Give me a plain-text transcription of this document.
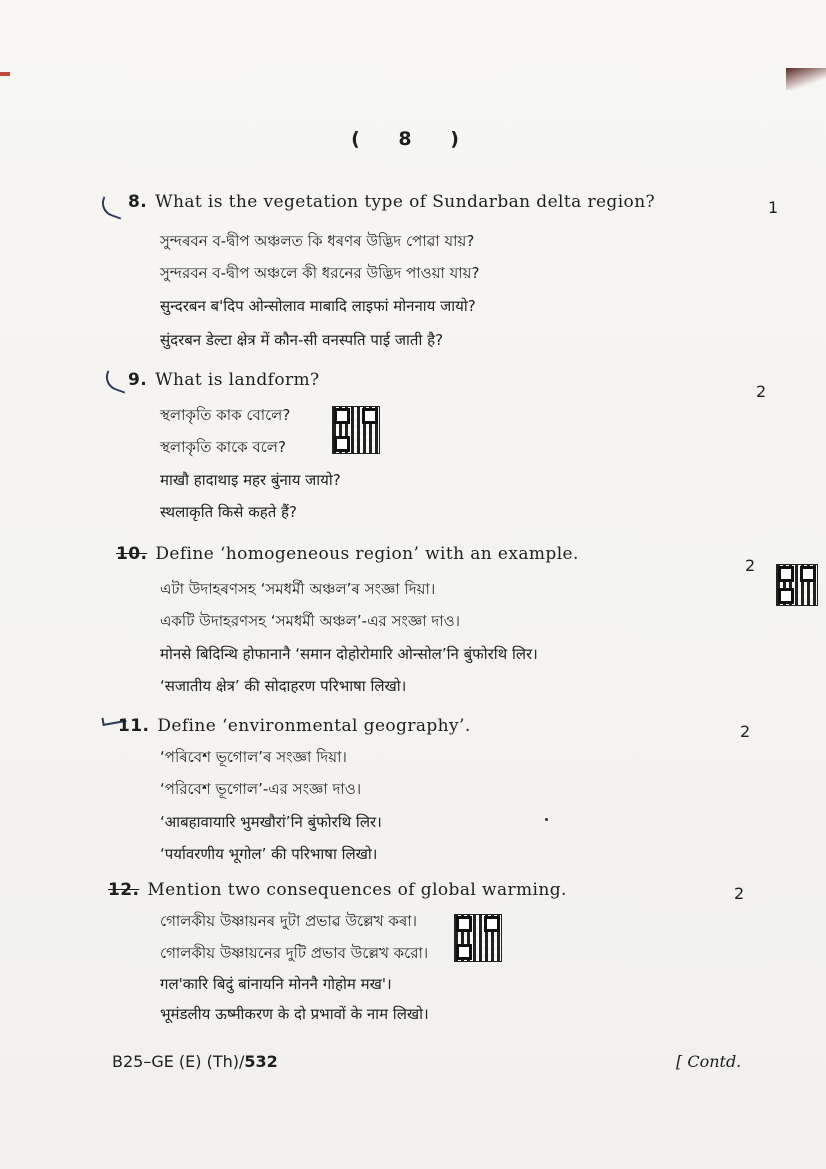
( 8 )
8. What is the vegetation type of Sundarban delta region?	1
সুন্দৰবন ব-দ্বীপ অঞ্চলত কি ধৰণৰ উদ্ভিদ পোৱা যায়?
সুন্দরবন ব-দ্বীপ অঞ্চলে কী ধরনের উদ্ভিদ পাওয়া যায়?
सुन्दरबन ब'दिप ओन्सोलाव माबादि लाइफां मोननाय जायो?
सुंदरबन डेल्टा क्षेत्र में कौन-सी वनस्पति पाई जाती है?
9. What is landform?
2
স্থলাকৃতি কাক বোলে?
স্থলাকৃতি কাকে বলে?
माखौ हादाथाइ महर बुंनाय जायो?
स्थलाकृति किसे कहते हैं?
10. Define ‘homogeneous region’ with an example.
2
এটা উদাহৰণসহ ‘সমধৰ্মী অঞ্চল’ৰ সংজ্ঞা দিয়া।
একটি উদাহরণসহ ‘সমধর্মী অঞ্চল’-এর সংজ্ঞা দাও।
मोनसे बिदिन्थि होफानानै ‘समान दोहोरोमारि ओन्सोल’नि बुंफोरथि लिर।
‘सजातीय क्षेत्र’ की सोदाहरण परिभाषा लिखो।
11. Define ‘environmental geography’.	2
‘পৰিবেশ ভূগোল’ৰ সংজ্ঞা দিয়া।
‘পরিবেশ ভূগোল’-এর সংজ্ঞা দাও।
‘आबहावायारि भुमखौरां’नि बुंफोरथि लिर।
‘पर्यावरणीय भूगोल’ की परिभाषा लिखो।
12. Mention two consequences of global warming.	2
গোলকীয় উষ্ণায়নৰ দুটা প্ৰভাৱ উল্লেখ কৰা।
গোলকীয় উষ্ণায়নের দুটি প্রভাব উল্লেখ করো।
गल'कारि बिदुं बांनायनि मोननै गोहोम मख'।
भूमंडलीय ऊष्मीकरण के दो प्रभावों के नाम लिखो।
B25–GE (E) (Th)/532	[ Contd.
